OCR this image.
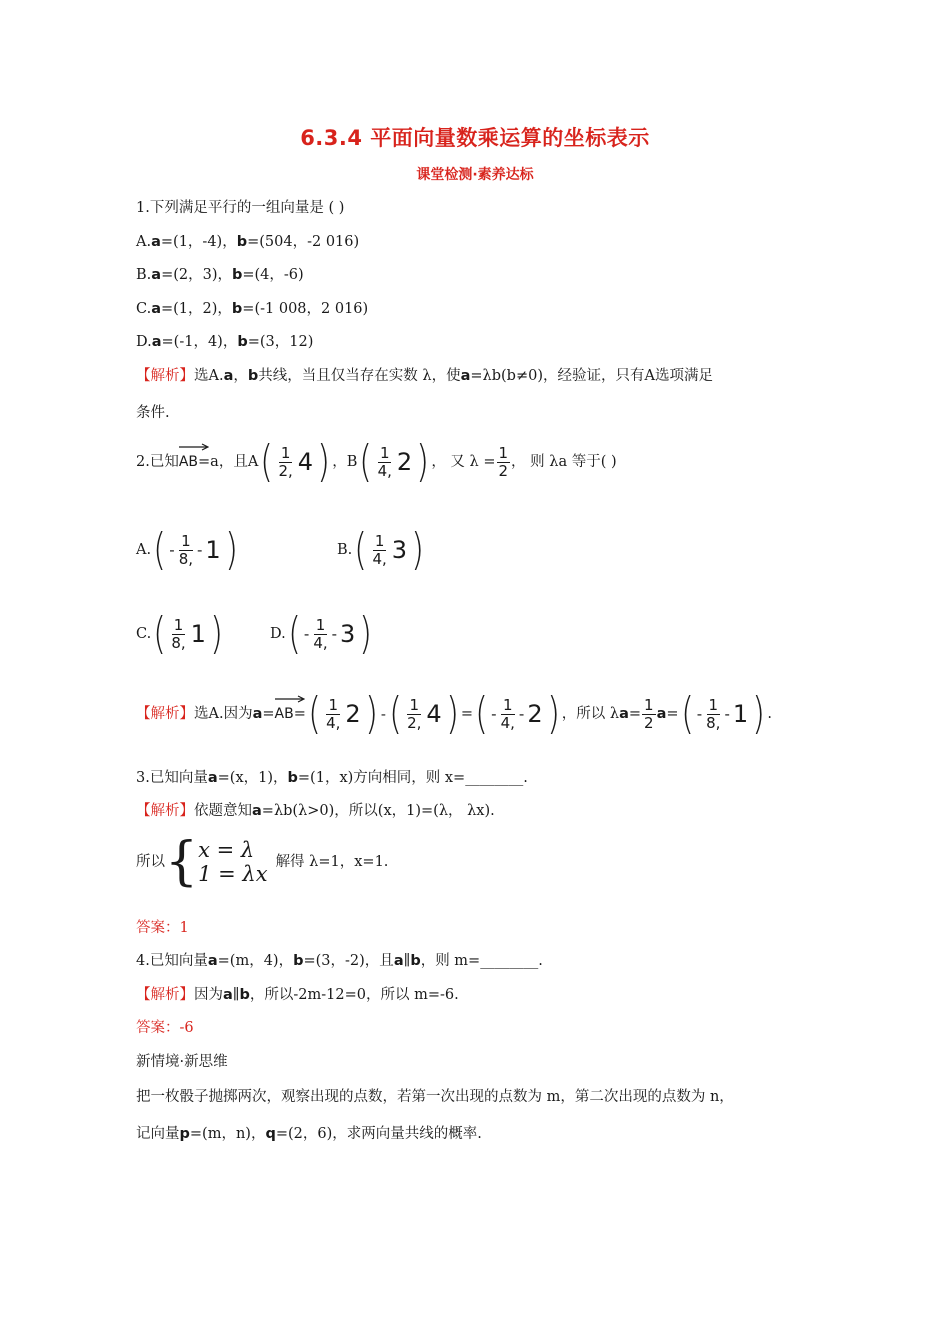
6.3.4 平面向量数乘运算的坐标表示
课堂检测·素养达标
1.下列满足平行的一组向量是 ( )
A.a=(1，-4)，b=(504，-2 016)
B.a=(2，3)，b=(4，-6)
C.a=(1，2)，b=(-1 008，2 016)
D.a=(-1，4)，b=(3，12)
【解析】选A.a，b共线，当且仅当存在实数 λ，使a=λb(b≠0)，经验证，只有A选项满足
条件.
2.已知 AB =a，且A ( $\frac{1}{2,} 4$ ) ，B ( $\frac{1}{4,} 2$ ) ， 又 $\lambda = \frac{1}{2}$ ， 则 λa 等于( )
A. ( - $\frac{1}{8,} - 1$ )	B. ( $\frac{1}{4,} 3$ )
C. ( $\frac{1}{8,} 1$ )	D. ( - $\frac{1}{4,} - 3$ )
【解析】 选A.因为 a = AB = ( $\frac{1}{4,} 2$ ) - ( $\frac{1}{2,} 4$ ) = ( - $\frac{1}{4,} - 2$ ) ，所以 λ $a = \frac{1}{2}$ a = ( - $\frac{1}{8,} - 1$ ) .
3.已知向量a=(x，1)，b=(1，x)方向相同，则 x=________.
【解析】依题意知a=λb(λ>0)，所以(x，1)=(λ， λx).
所以 { x = λ
1 = λx 解得 λ=1，x=1.
答案：1
4.已知向量a=(m，4)，b=(3，-2)，且a∥b，则 m=________.
【解析】因为a∥b，所以-2m-12=0，所以 m=-6.
答案：-6
新情境·新思维
把一枚骰子抛掷两次，观察出现的点数，若第一次出现的点数为 m，第二次出现的点数为 n，
记向量p=(m，n)，q=(2，6)，求两向量共线的概率.
